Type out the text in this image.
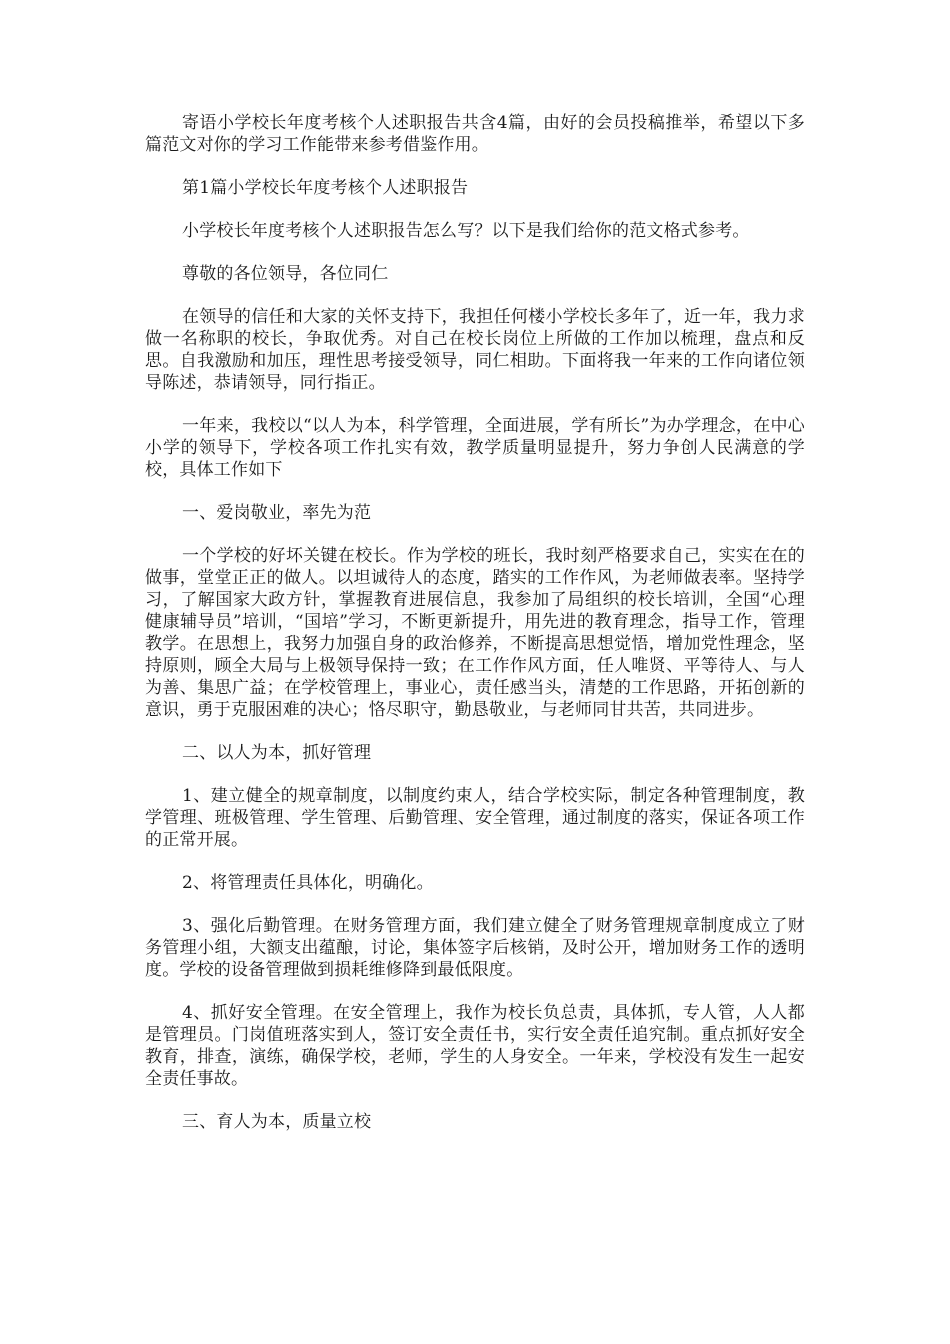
寄语小学校长年度考核个人述职报告共含4篇，由好的会员投稿推举，希望以下多篇范文对你的学习工作能带来参考借鉴作用。

第1篇小学校长年度考核个人述职报告

小学校长年度考核个人述职报告怎么写？以下是我们给你的范文格式参考。

尊敬的各位领导，各位同仁

在领导的信任和大家的关怀支持下，我担任何楼小学校长多年了，近一年，我力求做一名称职的校长，争取优秀。对自己在校长岗位上所做的工作加以梳理，盘点和反思。自我激励和加压，理性思考接受领导，同仁相助。下面将我一年来的工作向诸位领导陈述，恭请领导，同行指正。

一年来，我校以“以人为本，科学管理，全面进展，学有所长”为办学理念，在中心小学的领导下，学校各项工作扎实有效，教学质量明显提升，努力争创人民满意的学校，具体工作如下

一、爱岗敬业，率先为范

一个学校的好坏关键在校长。作为学校的班长，我时刻严格要求自己，实实在在的做事，堂堂正正的做人。以坦诚待人的态度，踏实的工作作风，为老师做表率。坚持学习，了解国家大政方针，掌握教育进展信息，我参加了局组织的校长培训，全国“心理健康辅导员”培训，“国培”学习，不断更新提升，用先进的教育理念，指导工作，管理教学。在思想上，我努力加强自身的政治修养，不断提高思想觉悟，增加党性理念，坚持原则，顾全大局与上极领导保持一致；在工作作风方面，任人唯贤、平等待人、与人为善、集思广益；在学校管理上，事业心，责任感当头，清楚的工作思路，开拓创新的意识，勇于克服困难的决心；恪尽职守，勤恳敬业，与老师同甘共苦，共同进步。

二、以人为本，抓好管理

1、建立健全的规章制度，以制度约束人，结合学校实际，制定各种管理制度，教学管理、班极管理、学生管理、后勤管理、安全管理，通过制度的落实，保证各项工作的正常开展。

2、将管理责任具体化，明确化。

3、强化后勤管理。在财务管理方面，我们建立健全了财务管理规章制度成立了财务管理小组，大额支出蕴酿，讨论，集体签字后核销，及时公开，增加财务工作的透明度。学校的设备管理做到损耗维修降到最低限度。

4、抓好安全管理。在安全管理上，我作为校长负总责，具体抓，专人管，人人都是管理员。门岗值班落实到人，签订安全责任书，实行安全责任追究制。重点抓好安全教育，排查，演练，确保学校，老师，学生的人身安全。一年来，学校没有发生一起安全责任事故。

三、育人为本，质量立校
